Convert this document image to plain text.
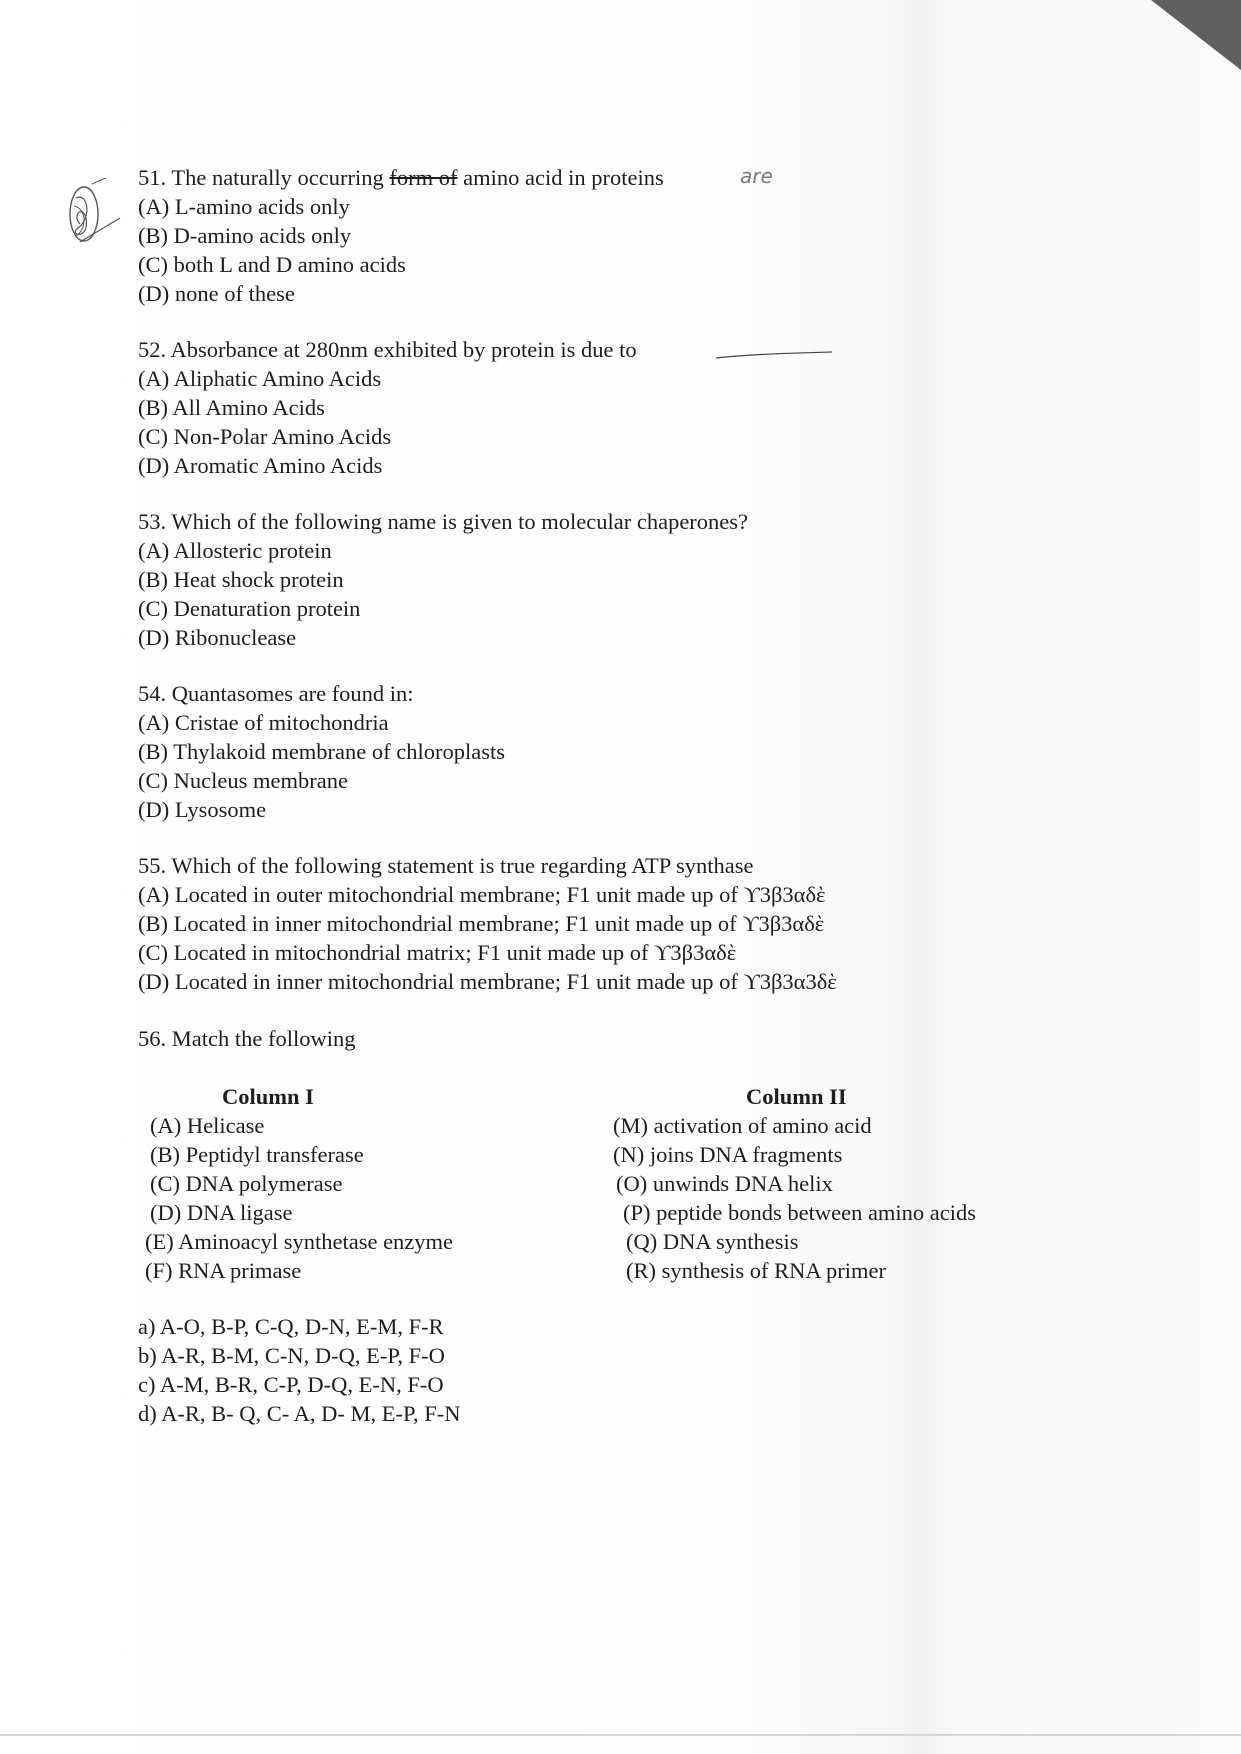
are
51. The naturally occurring form of amino acid in proteins
(A) L-amino acids only
(B) D-amino acids only
(C) both L and D amino acids
(D) none of these
52. Absorbance at 280nm exhibited by protein is due to
(A) Aliphatic Amino Acids
(B) All Amino Acids
(C) Non-Polar Amino Acids
(D) Aromatic Amino Acids
53. Which of the following name is given to molecular chaperones?
(A) Allosteric protein
(B) Heat shock protein
(C) Denaturation protein
(D) Ribonuclease
54. Quantasomes are found in:
(A) Cristae of mitochondria
(B) Thylakoid membrane of chloroplasts
(C) Nucleus membrane
(D) Lysosome
55. Which of the following statement is true regarding ATP synthase
(A) Located in outer mitochondrial membrane; F1 unit made up of ϒ3β3αδὲ
(B) Located in inner mitochondrial membrane; F1 unit made up of ϒ3β3αδὲ
(C) Located in mitochondrial matrix; F1 unit made up of ϒ3β3αδὲ
(D) Located in inner mitochondrial membrane; F1 unit made up of ϒ3β3α3δὲ
56. Match the following
Column I	Column II
(A) Helicase
(B) Peptidyl transferase
(C) DNA polymerase
(D) DNA ligase
(E) Aminoacyl synthetase enzyme
(F) RNA primase
(M) activation of amino acid
(N) joins DNA fragments
(O) unwinds DNA helix
(P) peptide bonds between amino acids
(Q) DNA synthesis
(R) synthesis of RNA primer
a) A-O, B-P, C-Q, D-N, E-M, F-R
b) A-R, B-M, C-N, D-Q, E-P, F-O
c) A-M, B-R, C-P, D-Q, E-N, F-O
d) A-R, B- Q, C- A, D- M, E-P, F-N
